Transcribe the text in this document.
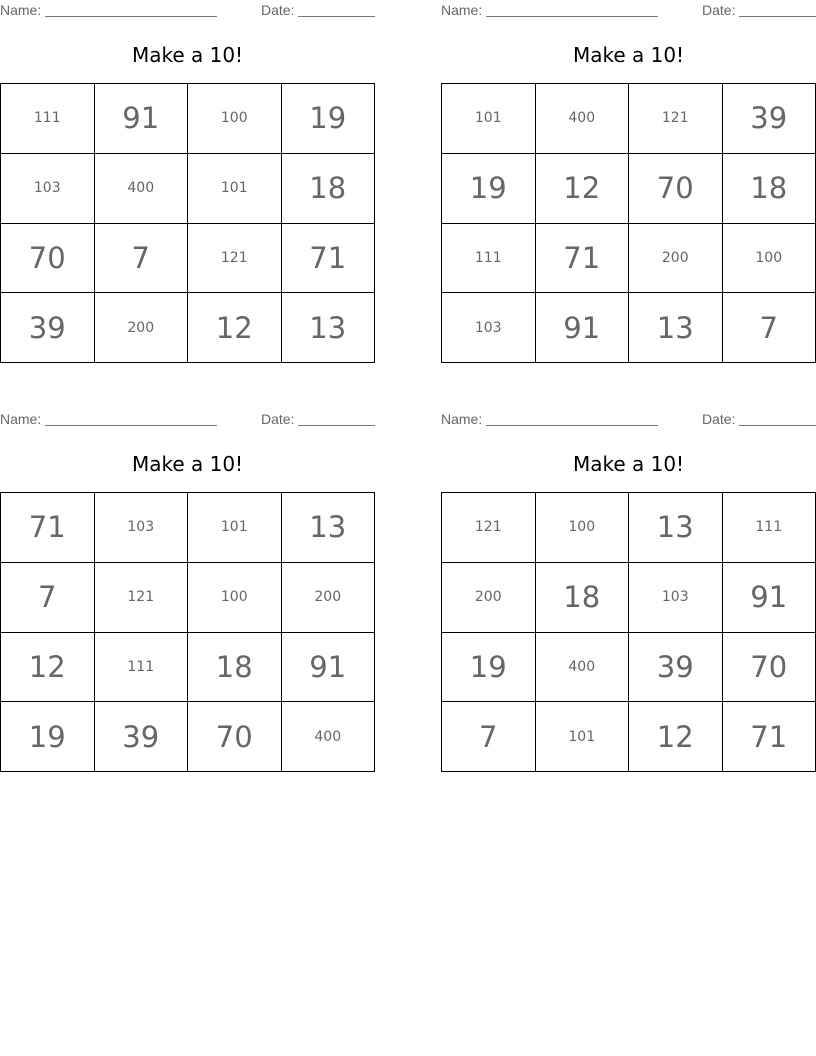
Name:	Date:
Make a 10!
111	91	100	19
103	400	101	18
70	7	121	71
39	200	12	13
Name:	Date:
Make a 10!
101	400	121	39
19	12	70	18
111	71	200	100
103	91	13	7
Name:	Date:
Make a 10!
71	103	101	13
7	121	100	200
12	111	18	91
19	39	70	400
Name:	Date:
Make a 10!
121	100	13	111
200	18	103	91
19	400	39	70
7	101	12	71
